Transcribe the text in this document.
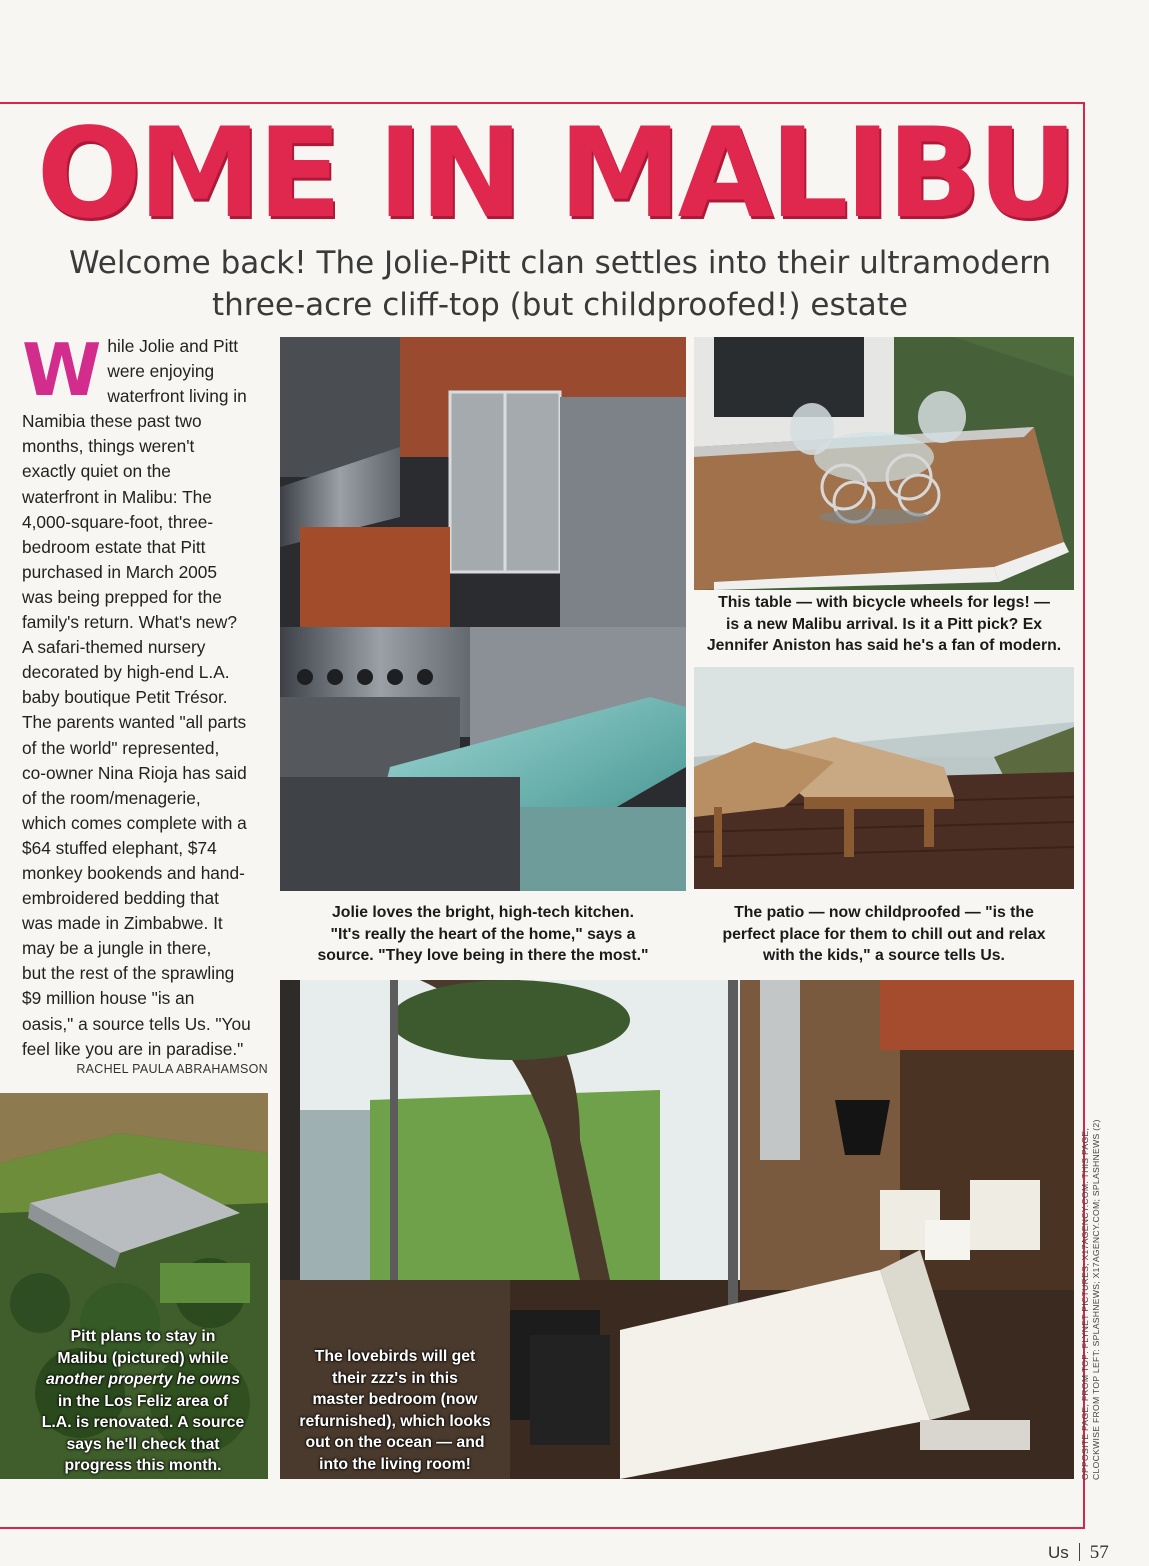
OME IN MALIBU

Welcome back! The Jolie-Pitt clan settles into their ultramodern
three-acre cliff-top (but childproofed!) estate

W hile Jolie and Pitt
were enjoying
waterfront living in
Namibia these past two
months, things weren't
exactly quiet on the
waterfront in Malibu: The
4,000-square-foot, three-
bedroom estate that Pitt
purchased in March 2005
was being prepped for the
family's return. What's new?
A safari-themed nursery
decorated by high-end L.A.
baby boutique Petit Trésor.
The parents wanted "all parts
of the world" represented,
co-owner Nina Rioja has said
of the room/menagerie,
which comes complete with a
$64 stuffed elephant, $74
monkey bookends and hand-
embroidered bedding that
was made in Zimbabwe. It
may be a jungle in there,
but the rest of the sprawling
$9 million house "is an
oasis," a source tells Us. "You
feel like you are in paradise."
RACHEL PAULA ABRAHAMSON

Jolie loves the bright, high-tech kitchen.
"It's really the heart of the home," says a
source. "They love being in there the most."

This table — with bicycle wheels for legs! —
is a new Malibu arrival. Is it a Pitt pick? Ex
Jennifer Aniston has said he's a fan of modern.

The patio — now childproofed — "is the
perfect place for them to chill out and relax
with the kids," a source tells Us.

Pitt plans to stay in
Malibu (pictured) while
another property he owns
in the Los Feliz area of
L.A. is renovated. A source
says he'll check that
progress this month.

The lovebirds will get
their zzz's in this
master bedroom (now
refurnished), which looks
out on the ocean — and
into the living room!	OPPOSITE PAGE, FROM TOP: FLYNET PICTURES; X17AGENCY.COM. THIS PAGE, CLOCKWISE FROM TOP LEFT: SPLASHNEWS; X17AGENCY.COM; SPLASHNEWS (2)
Us 57
